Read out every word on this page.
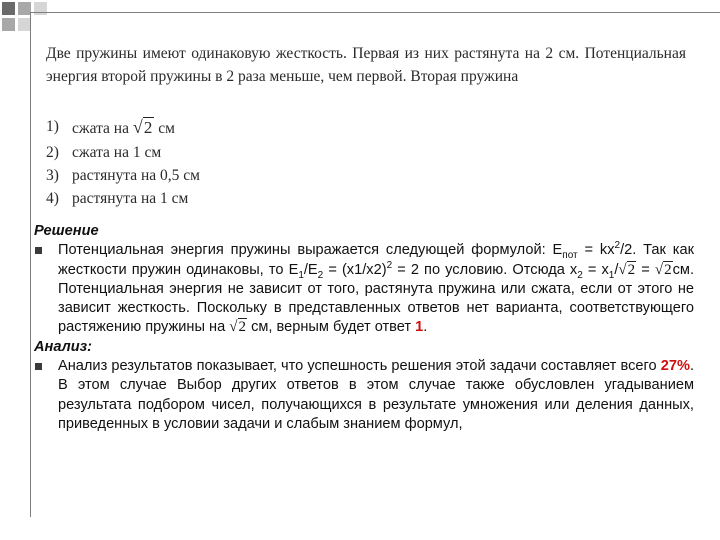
Две пружины имеют одинаковую жесткость. Первая из них растянута на 2 см. Потенциальная энергия второй пружины в 2 раза меньше, чем первой. Вторая пружина

1) сжата на √ 2 см
2) сжата на 1 см
3) растянута на 0,5 см
4) растянута на 1 см

Решение

Потенциальная энергия пружины выражается следующей формулой: $E_{пот} = kx^2/2$. Так как жесткости пружин одинаковы, то $E_1/E_2 = (x1/x2)^2 = 2$ по условию. Отсюда $x_2 = x_1/√2 = √2см$. Потенциальная энергия не зависит от того, растянута пружина или сжата, если от этого не зависит жесткость. Поскольку в представленных ответов нет варианта, соответствующего растяжению пружины на √2 см, верным будет ответ 1.

Анализ:

Анализ результатов показывает, что успешность решения этой задачи составляет всего 27%. В этом случае Выбор других ответов в этом случае также обусловлен угадыванием результата подбором чисел, получающихся в результате умножения или деления данных, приведенных в условии задачи и слабым знанием формул,
